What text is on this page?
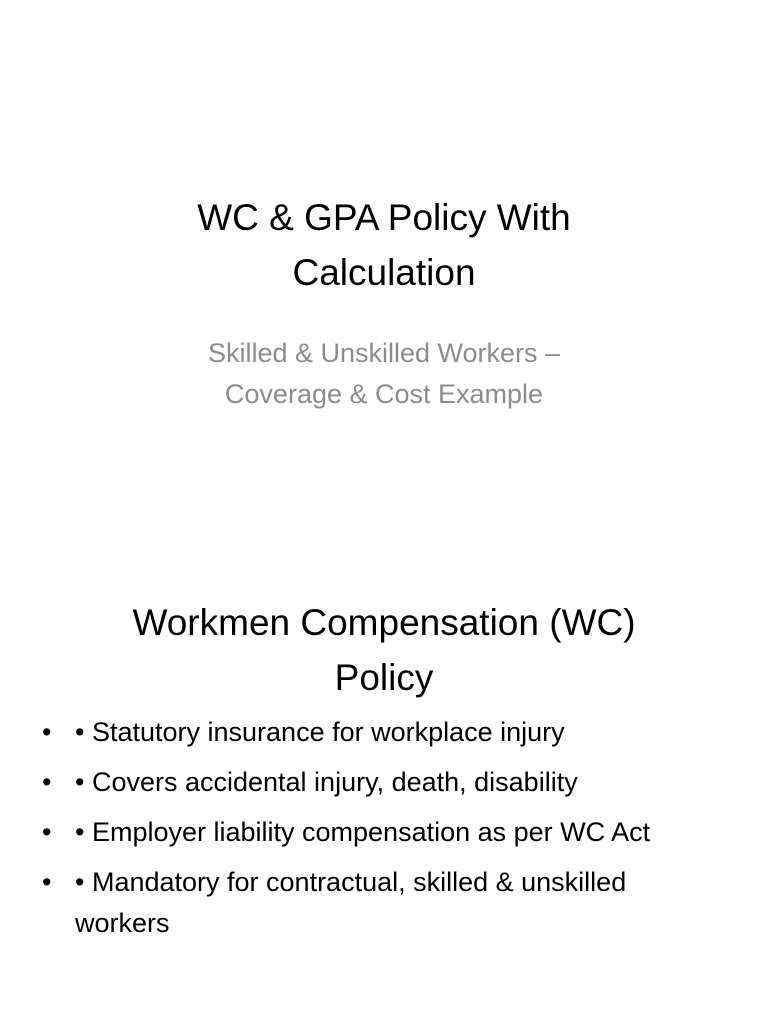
WC & GPA Policy With
Calculation

Skilled & Unskilled Workers –
Coverage & Cost Example

Workmen Compensation (WC)
Policy
• • Statutory insurance for workplace injury
• • Covers accidental injury, death, disability
• • Employer liability compensation as per WC Act
• • Mandatory for contractual, skilled & unskilled workers
